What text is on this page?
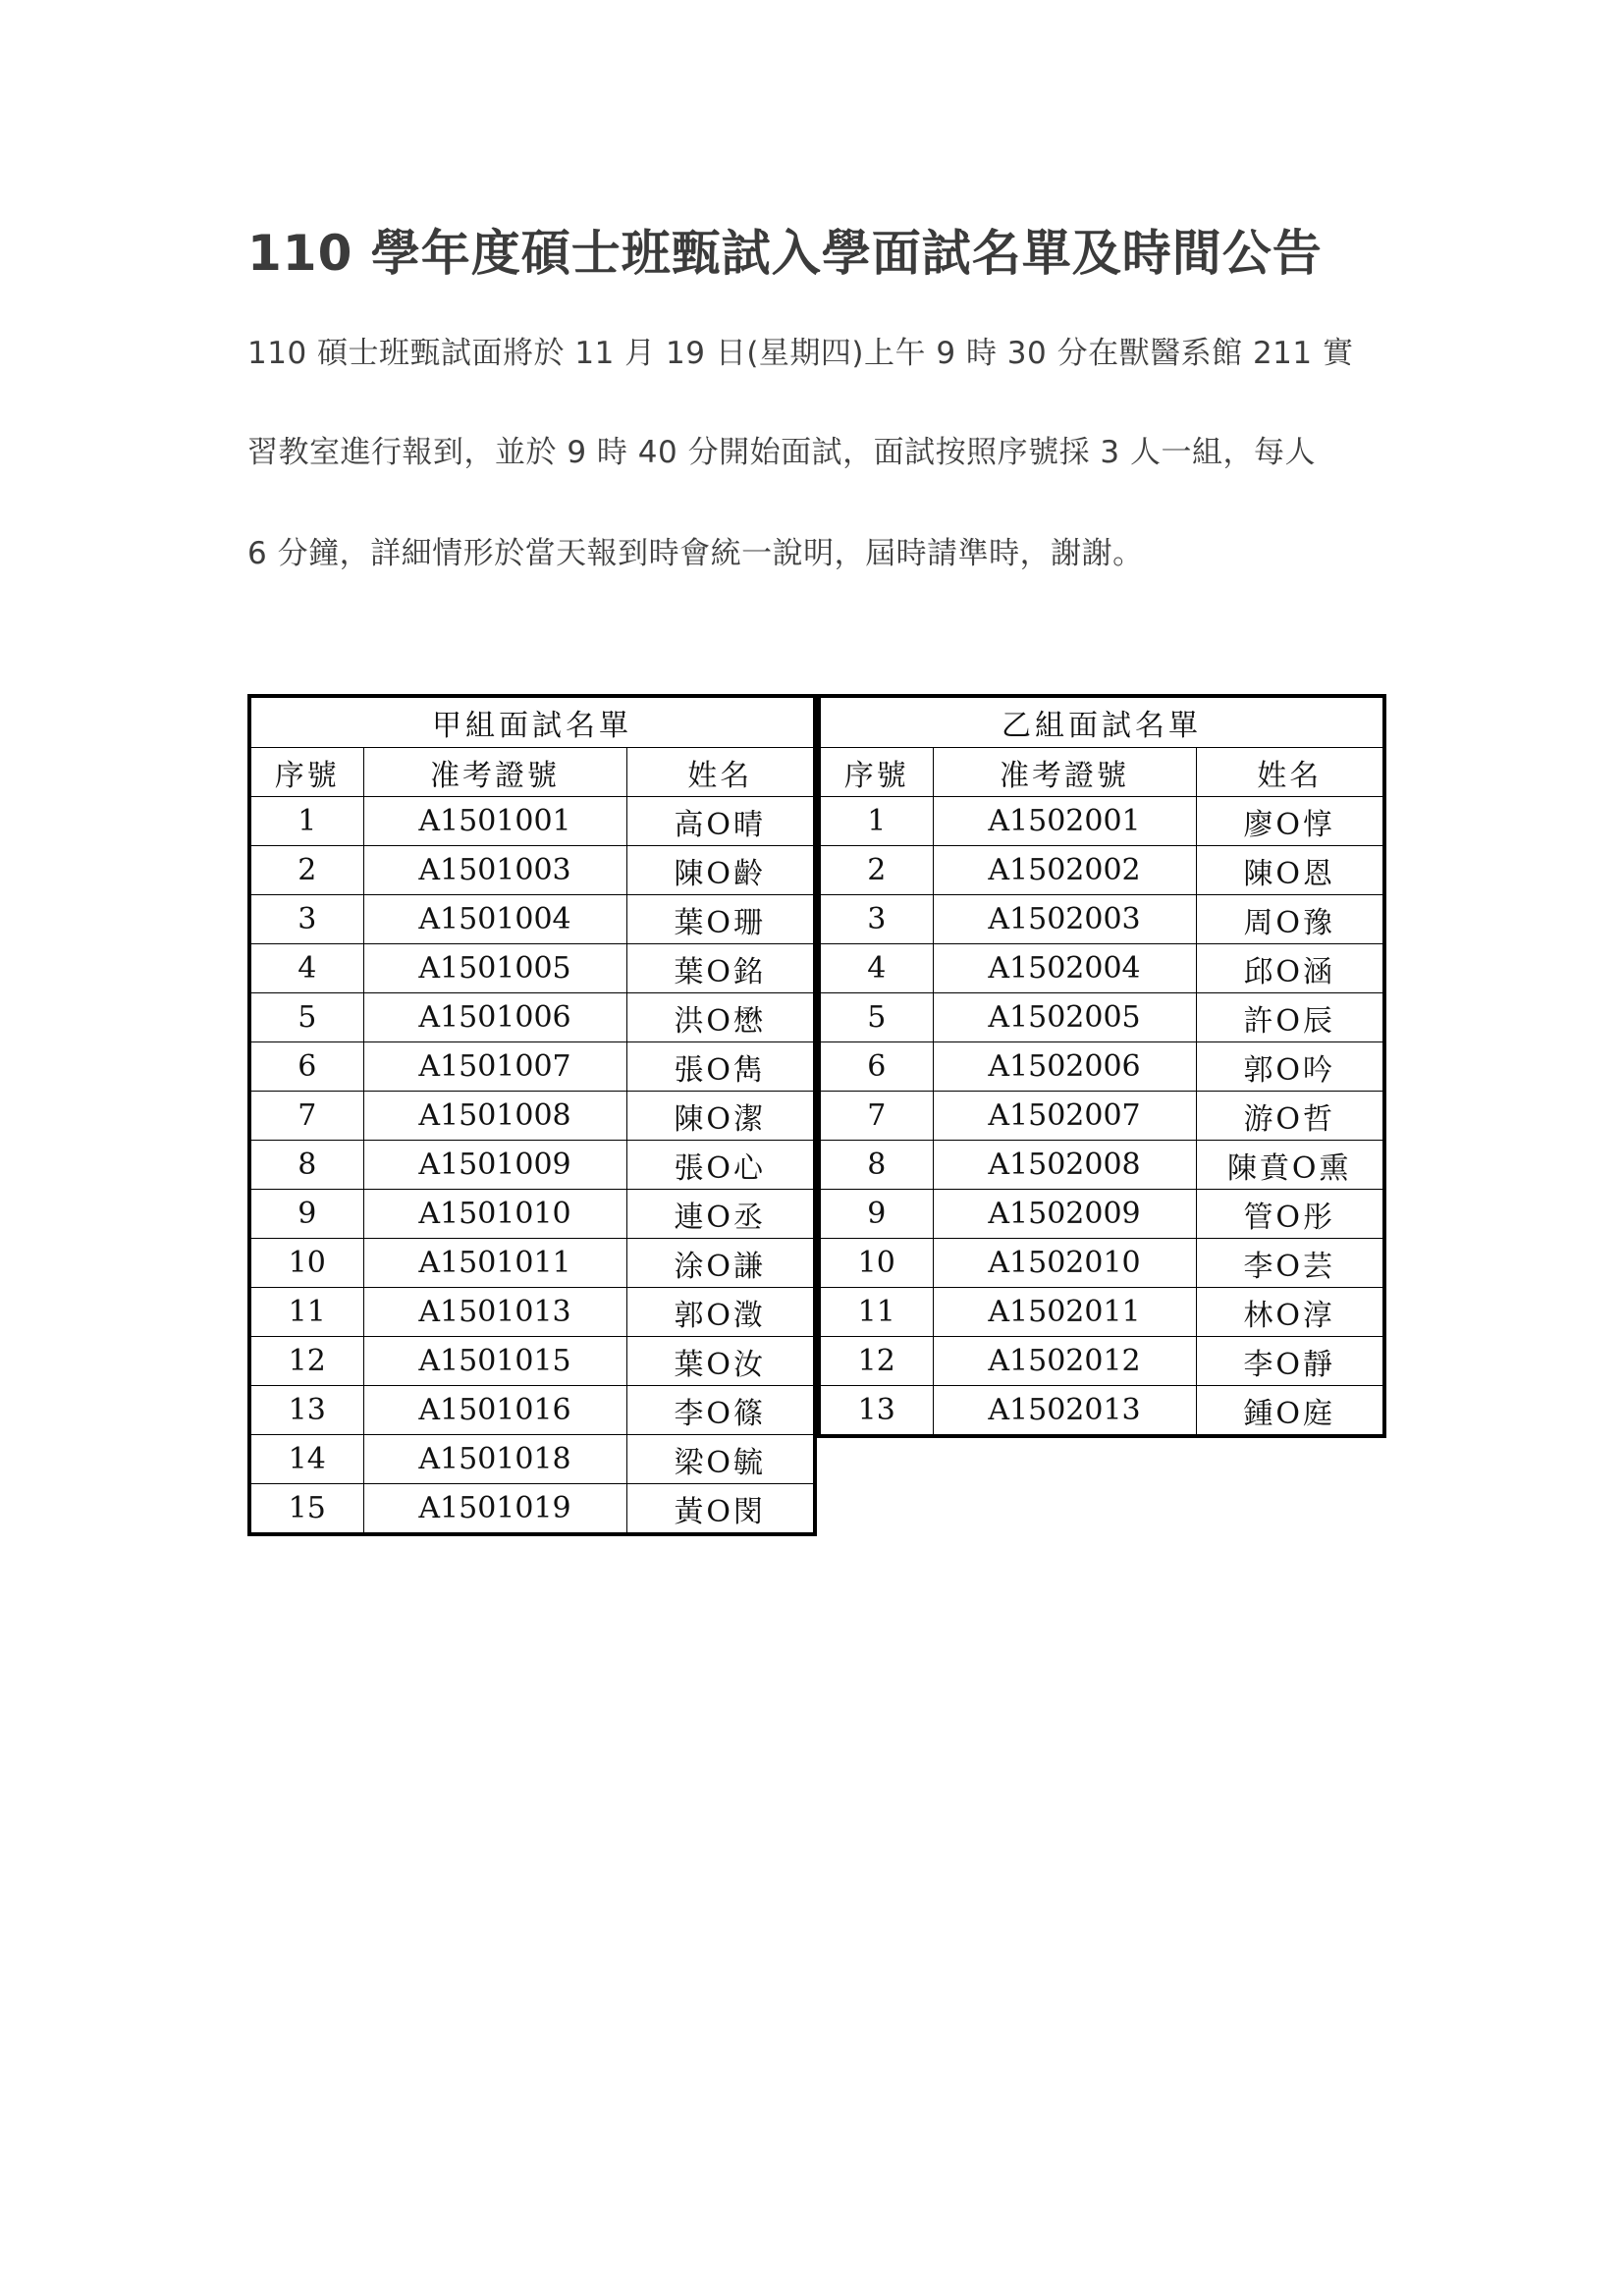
110 學年度碩士班甄試入學面試名單及時間公告

110 碩士班甄試面將於 11 月 19 日(星期四)上午 9 時 30 分在獸醫系館 211 實

習教室進行報到，並於 9 時 40 分開始面試，面試按照序號採 3 人一組，每人

6 分鐘，詳細情形於當天報到時會統一說明，屆時請準時，謝謝。

甲組面試名單		
序號	准考證號	姓名
1	A1501001	高O晴
2	A1501003	陳O齡
3	A1501004	葉O珊
4	A1501005	葉O銘
5	A1501006	洪O懋
6	A1501007	張O雋
7	A1501008	陳O潔
8	A1501009	張O心
9	A1501010	連O丞
10	A1501011	涂O謙
11	A1501013	郭O澂
12	A1501015	葉O汝
13	A1501016	李O篠
14	A1501018	梁O毓
15	A1501019	黃O閔
乙組面試名單		
序號	准考證號	姓名
1	A1502001	廖O惇
2	A1502002	陳O恩
3	A1502003	周O豫
4	A1502004	邱O涵
5	A1502005	許O辰
6	A1502006	郭O吟
7	A1502007	游O哲
8	A1502008	陳賁O熏
9	A1502009	管O彤
10	A1502010	李O芸
11	A1502011	林O淳
12	A1502012	李O靜
13	A1502013	鍾O庭
